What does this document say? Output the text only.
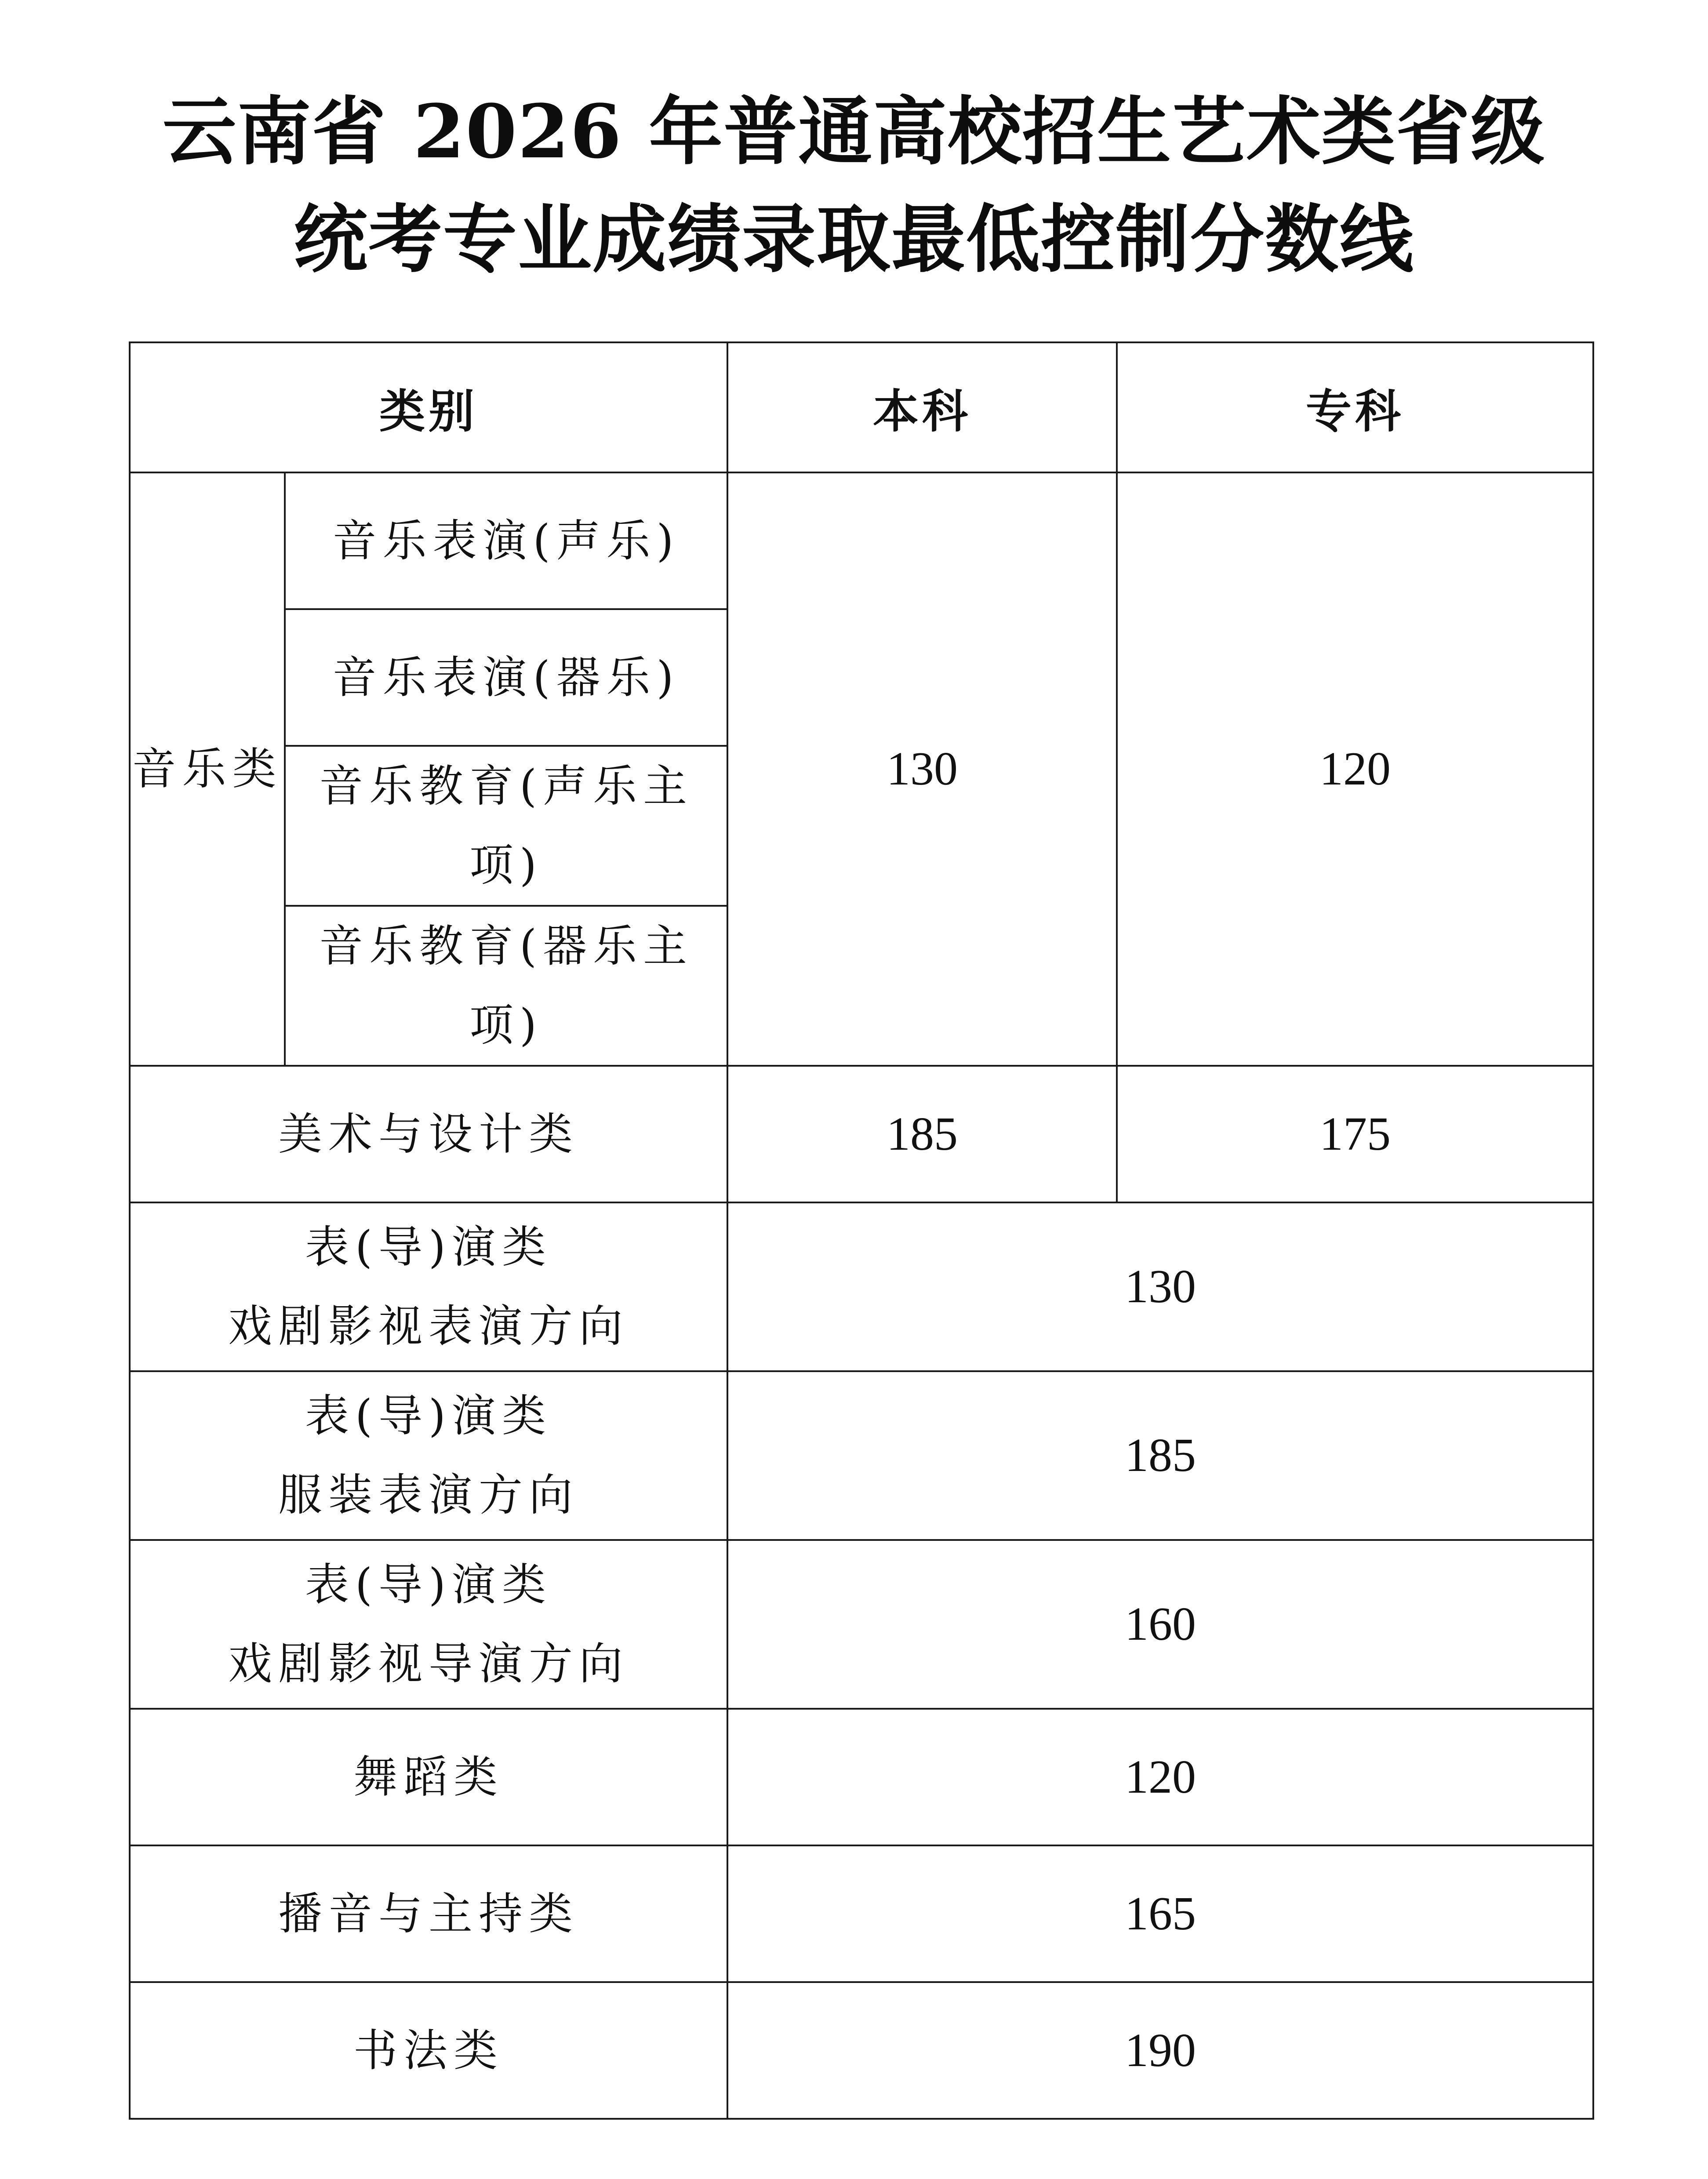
云南省 2026 年普通高校招生艺术类省级
统考专业成绩录取最低控制分数线
类别		本科	专科
音乐类	音乐表演(声乐)	130	120
	音乐表演(器乐)		
	音乐教育(声乐主项)		
	音乐教育(器乐主项)		
美术与设计类		185	175

表(导)演类
戏剧影视表演方向		130	

表(导)演类
服装表演方向		185	

表(导)演类
戏剧影视导演方向		160	
舞蹈类		120	
播音与主持类		165	
书法类		190	
